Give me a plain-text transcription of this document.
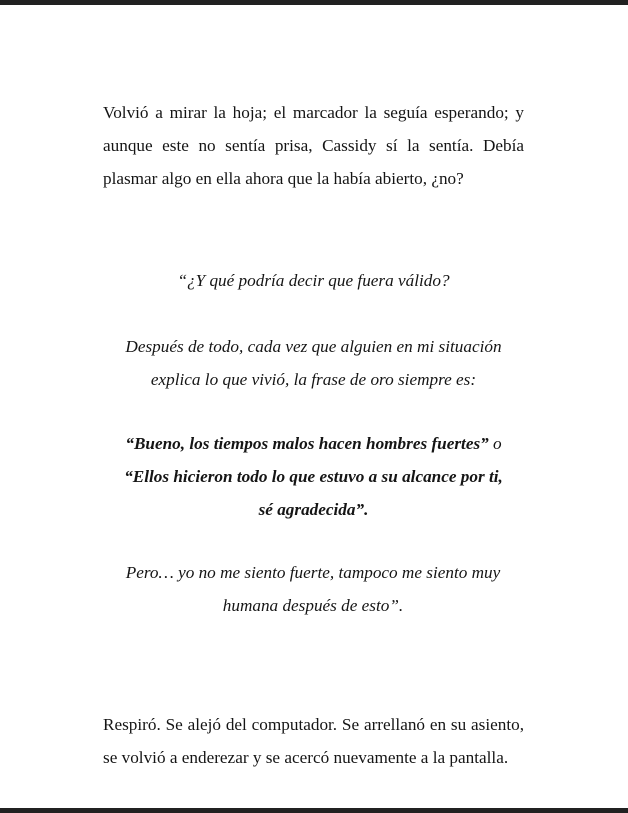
Volvió a mirar la hoja; el marcador la seguía esperando; y aunque este no sentía prisa, Cassidy sí la sentía. Debía plasmar algo en ella ahora que la había abierto, ¿no?

“¿Y qué podría decir que fuera válido?

Después de todo, cada vez que alguien en mi situación
explica lo que vivió, la frase de oro siempre es:

“Bueno, los tiempos malos hacen hombres fuertes” o
“Ellos hicieron todo lo que estuvo a su alcance por ti,
sé agradecida”.

Pero… yo no me siento fuerte, tampoco me siento muy
humana después de esto”.

Respiró. Se alejó del computador. Se arrellanó en su asiento, se volvió a enderezar y se acercó nuevamente a la pantalla.
